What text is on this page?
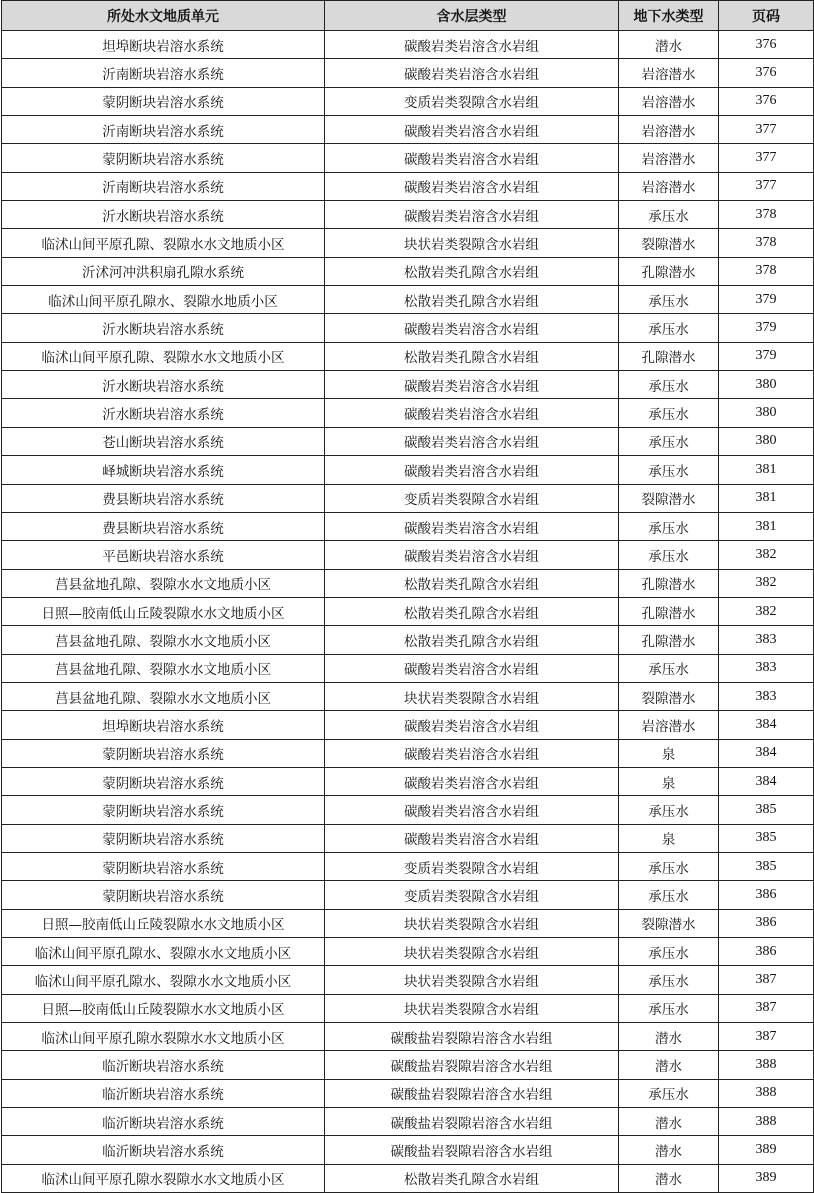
所处水文地质单元	含水层类型	地下水类型	页码
坦埠断块岩溶水系统	碳酸岩类岩溶含水岩组	潜水	376
沂南断块岩溶水系统	碳酸岩类岩溶含水岩组	岩溶潜水	376
蒙阴断块岩溶水系统	变质岩类裂隙含水岩组	岩溶潜水	376
沂南断块岩溶水系统	碳酸岩类岩溶含水岩组	岩溶潜水	377
蒙阴断块岩溶水系统	碳酸岩类岩溶含水岩组	岩溶潜水	377
沂南断块岩溶水系统	碳酸岩类岩溶含水岩组	岩溶潜水	377
沂水断块岩溶水系统	碳酸岩类岩溶含水岩组	承压水	378
临沭山间平原孔隙、裂隙水水文地质小区	块状岩类裂隙含水岩组	裂隙潜水	378
沂沭河冲洪积扇孔隙水系统	松散岩类孔隙含水岩组	孔隙潜水	378
临沭山间平原孔隙水、裂隙水地质小区	松散岩类孔隙含水岩组	承压水	379
沂水断块岩溶水系统	碳酸岩类岩溶含水岩组	承压水	379
临沭山间平原孔隙、裂隙水水文地质小区	松散岩类孔隙含水岩组	孔隙潜水	379
沂水断块岩溶水系统	碳酸岩类岩溶含水岩组	承压水	380
沂水断块岩溶水系统	碳酸岩类岩溶含水岩组	承压水	380
苍山断块岩溶水系统	碳酸岩类岩溶含水岩组	承压水	380
峄城断块岩溶水系统	碳酸岩类岩溶含水岩组	承压水	381
费县断块岩溶水系统	变质岩类裂隙含水岩组	裂隙潜水	381
费县断块岩溶水系统	碳酸岩类岩溶含水岩组	承压水	381
平邑断块岩溶水系统	碳酸岩类岩溶含水岩组	承压水	382
莒县盆地孔隙、裂隙水水文地质小区	松散岩类孔隙含水岩组	孔隙潜水	382
日照—胶南低山丘陵裂隙水水文地质小区	松散岩类孔隙含水岩组	孔隙潜水	382
莒县盆地孔隙、裂隙水水文地质小区	松散岩类孔隙含水岩组	孔隙潜水	383
莒县盆地孔隙、裂隙水水文地质小区	碳酸岩类岩溶含水岩组	承压水	383
莒县盆地孔隙、裂隙水水文地质小区	块状岩类裂隙含水岩组	裂隙潜水	383
坦埠断块岩溶水系统	碳酸岩类岩溶含水岩组	岩溶潜水	384
蒙阴断块岩溶水系统	碳酸岩类岩溶含水岩组	泉	384
蒙阴断块岩溶水系统	碳酸岩类岩溶含水岩组	泉	384
蒙阴断块岩溶水系统	碳酸岩类岩溶含水岩组	承压水	385
蒙阴断块岩溶水系统	碳酸岩类岩溶含水岩组	泉	385
蒙阴断块岩溶水系统	变质岩类裂隙含水岩组	承压水	385
蒙阴断块岩溶水系统	变质岩类裂隙含水岩组	承压水	386
日照—胶南低山丘陵裂隙水水文地质小区	块状岩类裂隙含水岩组	裂隙潜水	386
临沭山间平原孔隙水、裂隙水水文地质小区	块状岩类裂隙含水岩组	承压水	386
临沭山间平原孔隙水、裂隙水水文地质小区	块状岩类裂隙含水岩组	承压水	387
日照—胶南低山丘陵裂隙水水文地质小区	块状岩类裂隙含水岩组	承压水	387
临沭山间平原孔隙水裂隙水水文地质小区	碳酸盐岩裂隙岩溶含水岩组	潜水	387
临沂断块岩溶水系统	碳酸盐岩裂隙岩溶含水岩组	潜水	388
临沂断块岩溶水系统	碳酸盐岩裂隙岩溶含水岩组	承压水	388
临沂断块岩溶水系统	碳酸盐岩裂隙岩溶含水岩组	潜水	388
临沂断块岩溶水系统	碳酸盐岩裂隙岩溶含水岩组	潜水	389
临沭山间平原孔隙水裂隙水水文地质小区	松散岩类孔隙含水岩组	潜水	389
